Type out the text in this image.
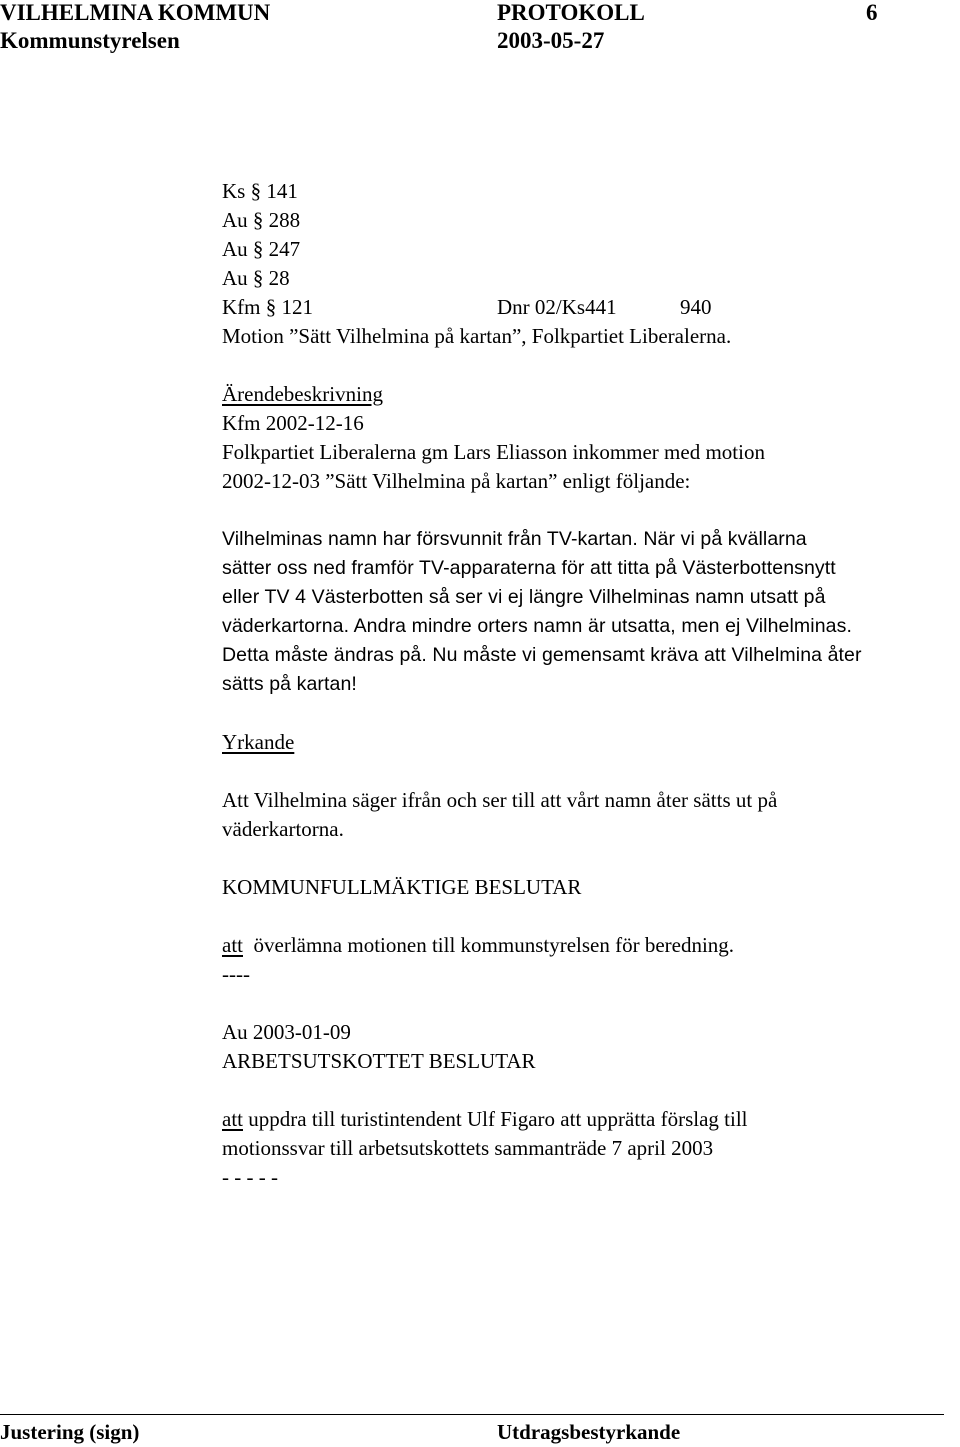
VILHELMINA KOMMUN	PROTOKOLL	6
Kommunstyrelsen	2003-05-27
Ks § 141
Au § 288
Au § 247
Au § 28
Kfm § 121	Dnr 02/Ks441	940
Motion ”Sätt Vilhelmina på kartan”, Folkpartiet Liberalerna.
Ärendebeskrivning
Kfm 2002-12-16
Folkpartiet Liberalerna gm Lars Eliasson inkommer med motion
2002-12-03 ”Sätt Vilhelmina på kartan” enligt följande:
Vilhelminas namn har försvunnit från TV-kartan. När vi på kvällarna
sätter oss ned framför TV-apparaterna för att titta på Västerbottensnytt
eller TV 4 Västerbotten så ser vi ej längre Vilhelminas namn utsatt på
väderkartorna. Andra mindre orters namn är utsatta, men ej Vilhelminas.
Detta måste ändras på. Nu måste vi gemensamt kräva att Vilhelmina åter
sätts på kartan!
Yrkande
Att Vilhelmina säger ifrån och ser till att vårt namn åter sätts ut på
väderkartorna.
KOMMUNFULLMÄKTIGE BESLUTAR
att överlämna motionen till kommunstyrelsen för beredning.
----
Au 2003-01-09
ARBETSUTSKOTTET BESLUTAR
att uppdra till turistintendent Ulf Figaro att upprätta förslag till
motionssvar till arbetsutskottets sammanträde 7 april 2003
- - - - -
Justering (sign)	Utdragsbestyrkande
